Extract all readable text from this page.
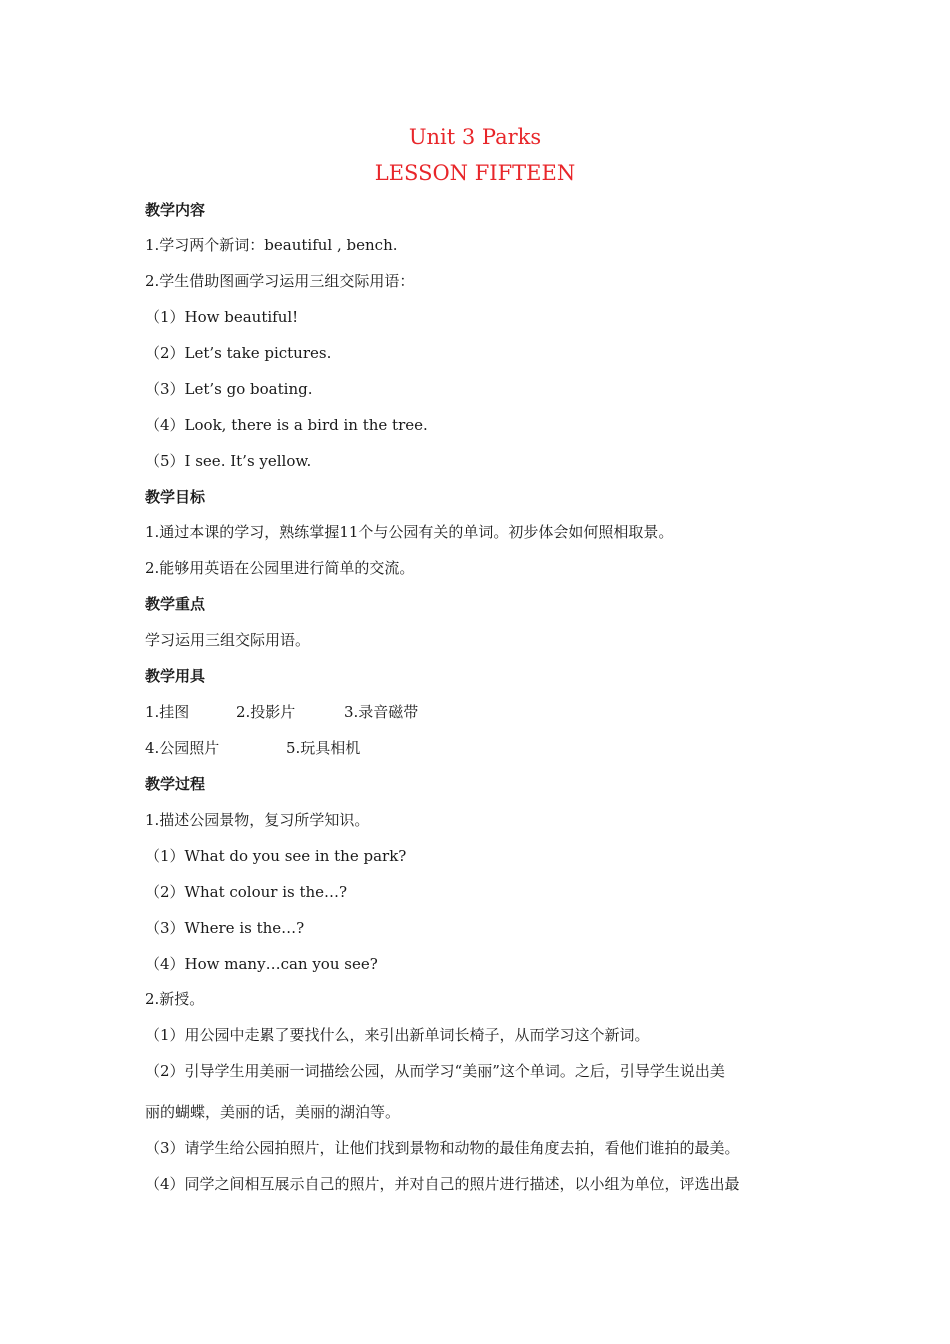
Unit 3 Parks
LESSON FIFTEEN
教学内容
1.学习两个新词：beautiful , bench.
2.学生借助图画学习运用三组交际用语：
（1）How beautiful!
（2）Let’s take pictures.
（3）Let’s go boating.
（4）Look, there is a bird in the tree.
（5）I see. It’s yellow.
教学目标
1.通过本课的学习，熟练掌握11个与公园有关的单词。初步体会如何照相取景。
2.能够用英语在公园里进行简单的交流。
教学重点
学习运用三组交际用语。
教学用具
1.挂图	2.投影片	3.录音磁带
4.公园照片	5.玩具相机
教学过程
1.描述公园景物，复习所学知识。
（1）What do you see in the park?
（2）What colour is the…?
（3）Where is the…?
（4）How many…can you see?
2.新授。
（1）用公园中走累了要找什么，来引出新单词长椅子，从而学习这个新词。
（2）引导学生用美丽一词描绘公园，从而学习“美丽”这个单词。之后，引导学生说出美
丽的蝴蝶，美丽的话，美丽的湖泊等。
（3）请学生给公园拍照片，让他们找到景物和动物的最佳角度去拍，看他们谁拍的最美。
（4）同学之间相互展示自己的照片，并对自己的照片进行描述，以小组为单位，评选出最
